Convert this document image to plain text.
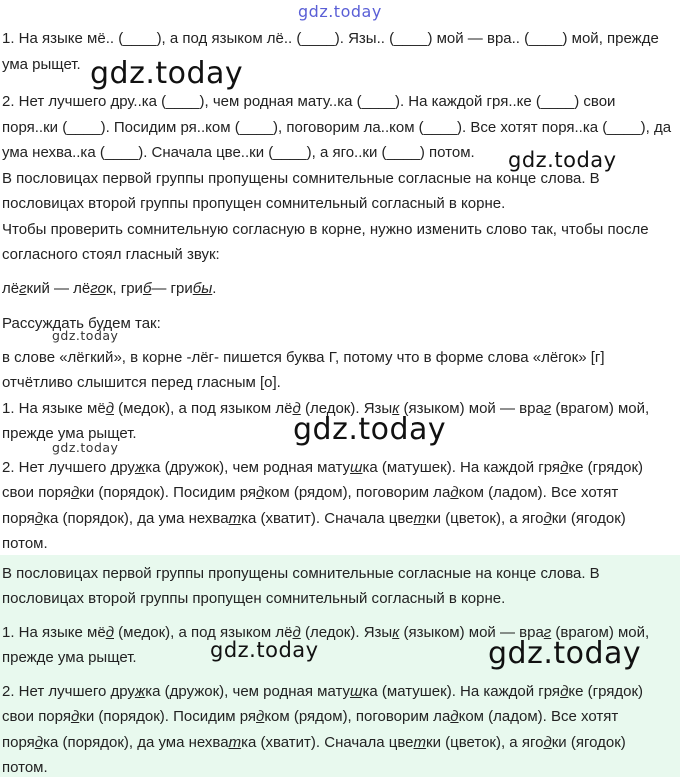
1. На языке мё.. (____), а под языком лё.. (____). Язы.. (____) мой — вра.. (____) мой, прежде ума рыщет.

2. Нет лучшего дру..ка (____), чем родная мату..ка (____). На каждой гря..ке (____) свои поря..ки (____). Посидим ря..ком (____), поговорим ла..ком (____). Все хотят поря..ка (____), да ума нехва..ка (____). Сначала цве..ки (____), а яго..ки (____) потом.

В пословицах первой группы пропущены сомнительные согласные на конце слова. В пословицах второй группы пропущен сомнительный согласный в корне.

Чтобы проверить сомнительную согласную в корне, нужно изменить слово так, чтобы после согласного стоял гласный звук:

лёгкий — лёгок, гриб— грибы.

Рассуждать будем так:

в слове «лёгкий», в корне -лёг- пишется буква Г, потому что в форме слова «лёгок» [г] отчётливо слышится перед гласным [о].

1. На языке мёд (медок), а под языком лёд (ледок). Язык (языком) мой — враг (врагом) мой, прежде ума рыщет.

2. Нет лучшего дружка (дружок), чем родная матушка (матушек). На каждой грядке (грядок) свои порядки (порядок). Посидим рядком (рядом), поговорим ладком (ладом). Все хотят порядка (порядок), да ума нехватка (хватит). Сначала цветки (цветок), а ягодки (ягодок) потом.

В пословицах первой группы пропущены сомнительные согласные на конце слова. В пословицах второй группы пропущен сомнительный согласный в корне.

1. На языке мёд (медок), а под языком лёд (ледок). Язык (языком) мой — враг (врагом) мой, прежде ума рыщет.

2. Нет лучшего дружка (дружок), чем родная матушка (матушек). На каждой грядке (грядок) свои порядки (порядок). Посидим рядком (рядом), поговорим ладком (ладом). Все хотят порядка (порядок), да ума нехватка (хватит). Сначала цветки (цветок), а ягодки (ягодок) потом.

gdz.today
gdz.today
gdz.today
gdz.today
gdz.today
gdz.today
gdz.today	gdz.today
